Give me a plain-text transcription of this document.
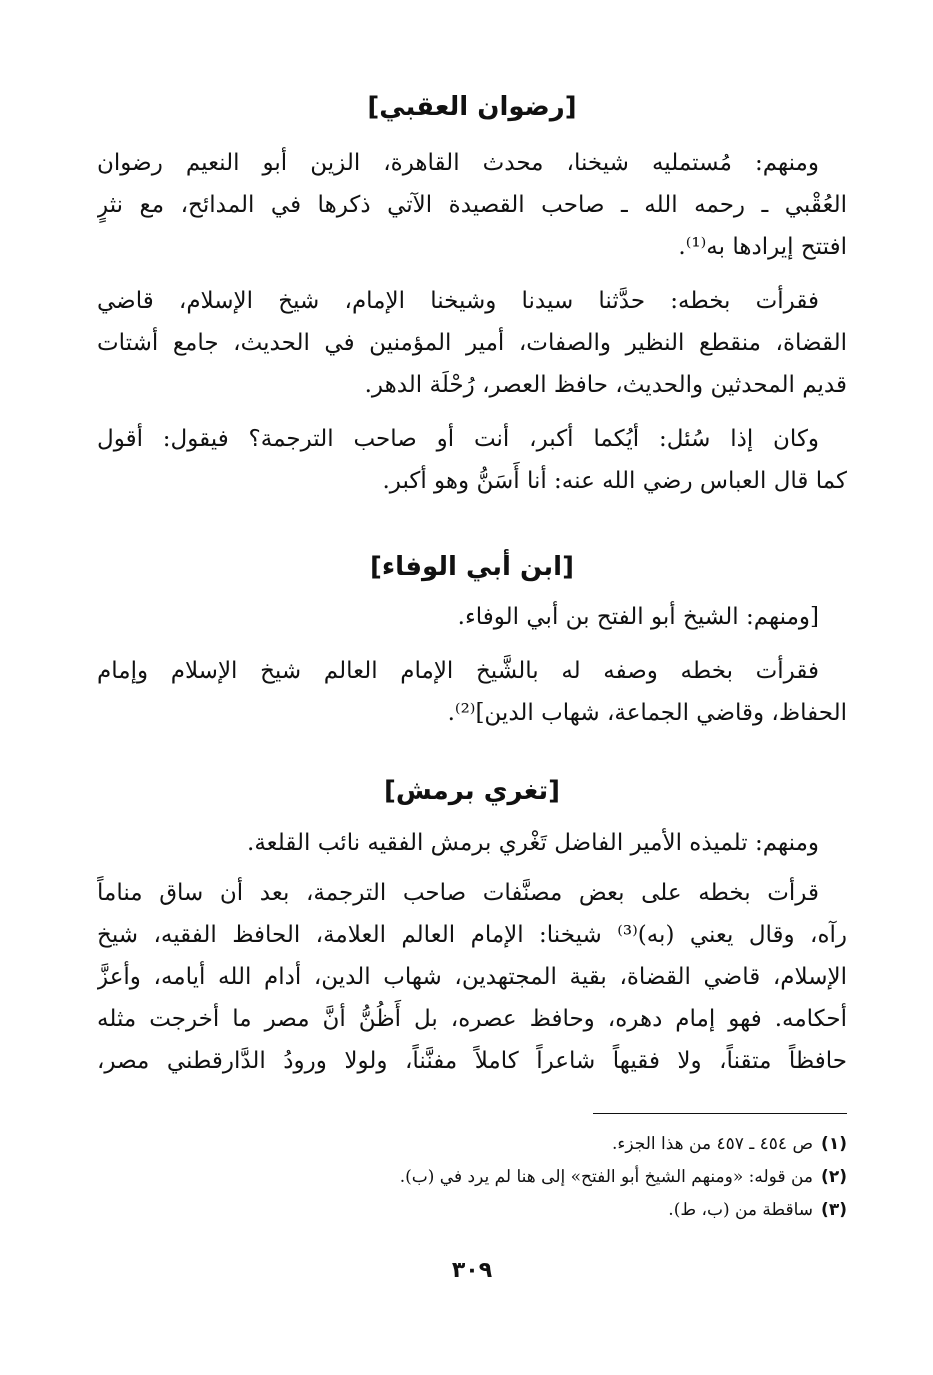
[رضوان العقبي]
ومنهم: مُستمليه شيخنا، محدث القاهرة، الزين أبو النعيم رضوان
العُقْبي ـ رحمه الله ـ صاحب القصيدة الآتي ذكرها في المدائح، مع نثرٍ
افتتح إيرادها به⁽¹⁾.
فقرأت بخطه: حدَّثنا سيدنا وشيخنا الإمام، شيخ الإسلام، قاضي
القضاة، منقطع النظير والصفات، أمير المؤمنين في الحديث، جامع أشتات
قديم المحدثين والحديث، حافظ العصر، رُحْلَة الدهر.
وكان إذا سُئل: أيُكما أكبر، أنت أو صاحب الترجمة؟ فيقول: أقول
كما قال العباس رضي الله عنه: أنا أَسَنُّ وهو أكبر.
[ابن أبي الوفاء]
[ومنهم: الشيخ أبو الفتح بن أبي الوفاء.
فقرأت بخطه وصفه له بالشَّيخ الإمام العالم شيخ الإسلام وإمام
الحفاظ، وقاضي الجماعة، شهاب الدين]⁽²⁾.
[تغري برمش]
ومنهم: تلميذه الأمير الفاضل تَغْري برمش الفقيه نائب القلعة.
قرأت بخطه على بعض مصنَّفات صاحب الترجمة، بعد أن ساق مناماً
رآه، وقال يعني (به)⁽³⁾ شيخنا: الإمام العالم العلامة، الحافظ الفقيه، شيخ
الإسلام، قاضي القضاة، بقية المجتهدين، شهاب الدين، أدام الله أيامه، وأعزَّ
أحكامه. فهو إمام دهره، وحافظ عصره، بل أَظُنُّ أنَّ مصر ما أخرجت مثله
حافظاً متقناً، ولا فقيهاً شاعراً كاملاً مفنَّناً، ولولا ورودُ الدَّارقطني مصر،
(١)ص ٤٥٤ ـ ٤٥٧ من هذا الجزء.
(٢)من قوله: «ومنهم الشيخ أبو الفتح» إلى هنا لم يرد في (ب).
(٣)ساقطة من (ب، ط).
٣٠٩
